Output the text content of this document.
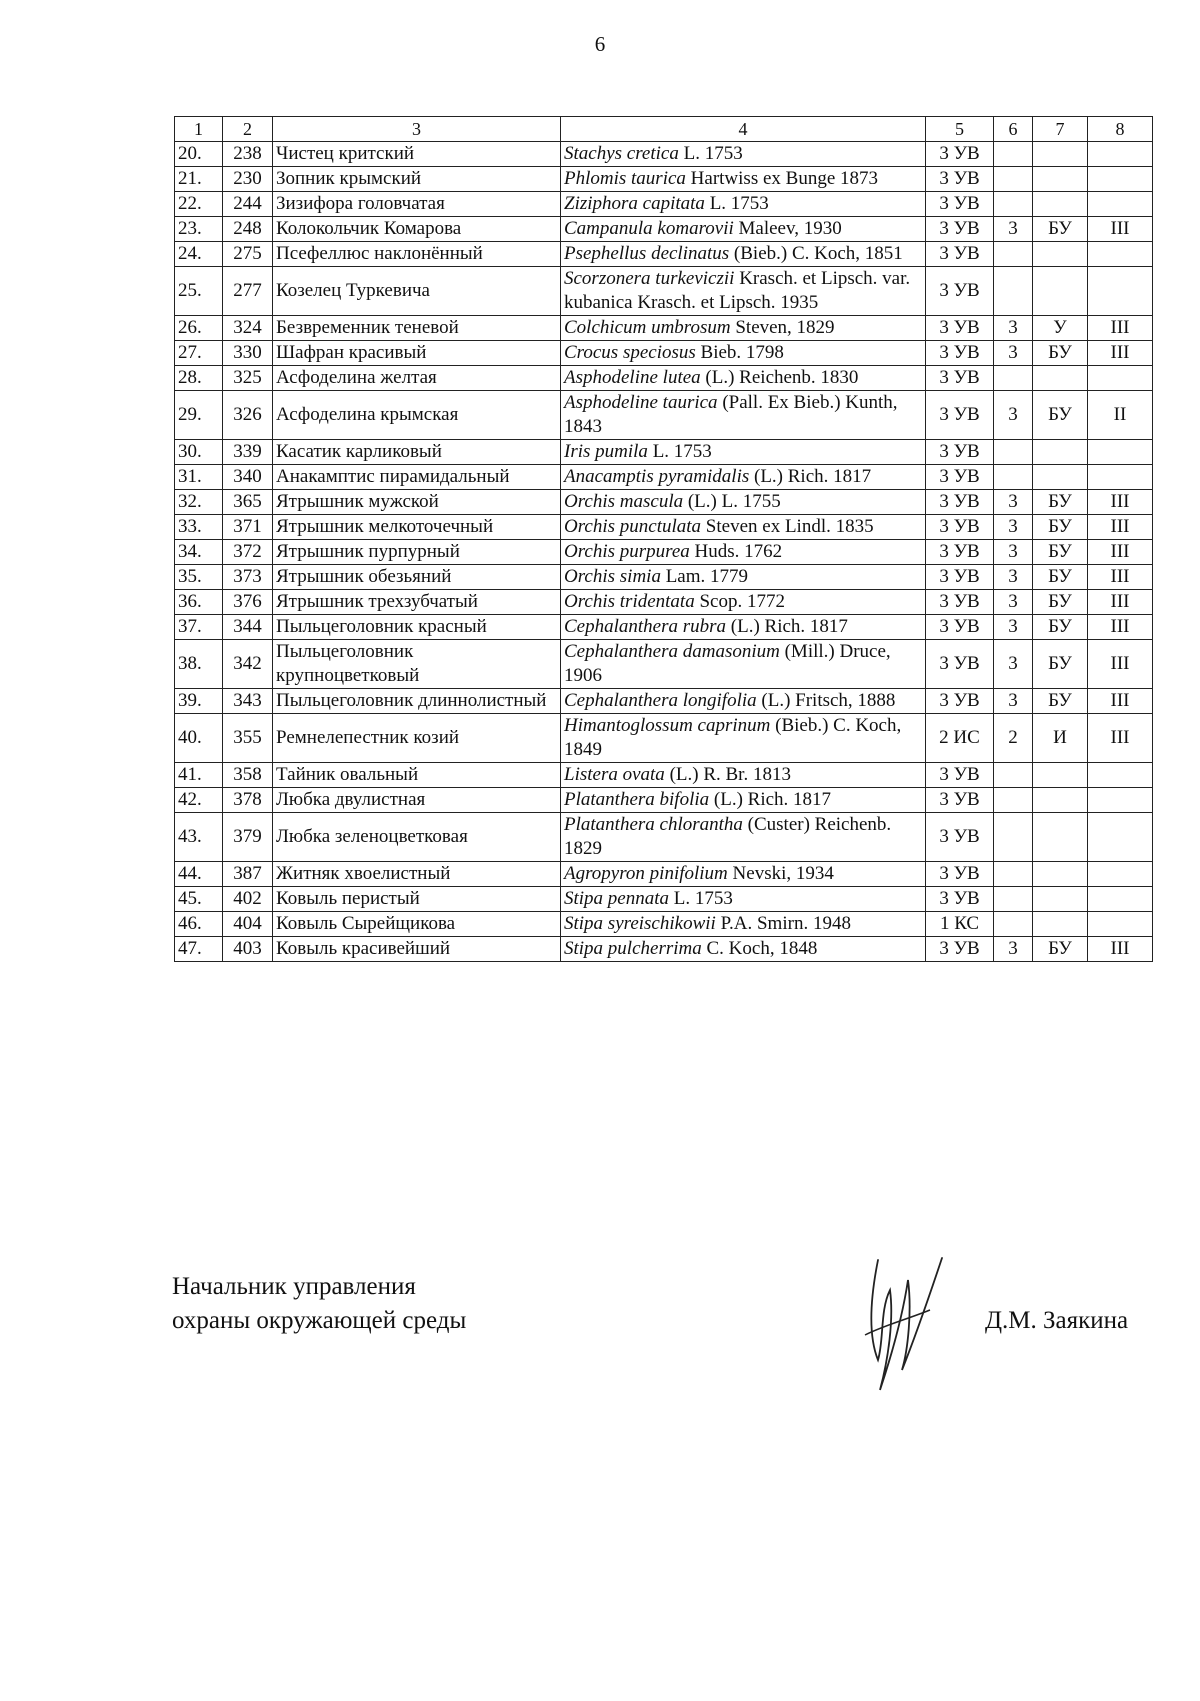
6
1	2	3	4	5	6	7	8
20.	238	Чистец критский	Stachys cretica L. 1753	3 УВ			
21.	230	Зопник крымский	Phlomis taurica Hartwiss ex Bunge 1873	3 УВ			
22.	244	Зизифора головчатая	Ziziphora capitata L. 1753	3 УВ			
23.	248	Колокольчик Комарова	Campanula komarovii Maleev, 1930	3 УВ	3	БУ	III
24.	275	Псефеллюс наклонённый	Psephellus declinatus (Bieb.) C. Koch, 1851	3 УВ			
25.	277	Козелец Туркевича	Scorzonera turkeviczii Krasch. et Lipsch. var. kubanica Krasch. et Lipsch. 1935	3 УВ			
26.	324	Безвременник теневой	Colchicum umbrosum Steven, 1829	3 УВ	3	У	III
27.	330	Шафран красивый	Crocus speciosus Bieb. 1798	3 УВ	3	БУ	III
28.	325	Асфоделина желтая	Asphodeline lutea (L.) Reichenb. 1830	3 УВ			
29.	326	Асфоделина крымская	Asphodeline taurica (Pall. Ex Bieb.) Kunth, 1843	3 УВ	3	БУ	II
30.	339	Касатик карликовый	Iris pumila L. 1753	3 УВ			
31.	340	Анакамптис пирамидальный	Anacamptis pyramidalis (L.) Rich. 1817	3 УВ			
32.	365	Ятрышник мужской	Orchis mascula (L.) L. 1755	3 УВ	3	БУ	III
33.	371	Ятрышник мелкоточечный	Orchis punctulata Steven ex Lindl. 1835	3 УВ	3	БУ	III
34.	372	Ятрышник пурпурный	Orchis purpurea Huds. 1762	3 УВ	3	БУ	III
35.	373	Ятрышник обезьяний	Orchis simia Lam. 1779	3 УВ	3	БУ	III
36.	376	Ятрышник трехзубчатый	Orchis tridentata Scop. 1772	3 УВ	3	БУ	III
37.	344	Пыльцеголовник красный	Cephalanthera rubra (L.) Rich. 1817	3 УВ	3	БУ	III
38.	342	Пыльцеголовник крупноцветковый	Cephalanthera damasonium (Mill.) Druce, 1906	3 УВ	3	БУ	III
39.	343	Пыльцеголовник длиннолистный	Cephalanthera longifolia (L.) Fritsch, 1888	3 УВ	3	БУ	III
40.	355	Ремнелепестник козий	Himantoglossum caprinum (Bieb.) C. Koch, 1849	2 ИС	2	И	III
41.	358	Тайник овальный	Listera ovata (L.) R. Br. 1813	3 УВ			
42.	378	Любка двулистная	Platanthera bifolia (L.) Rich. 1817	3 УВ			
43.	379	Любка зеленоцветковая	Platanthera chlorantha (Custer) Reichenb. 1829	3 УВ			
44.	387	Житняк хвоелистный	Agropyron pinifolium Nevski, 1934	3 УВ			
45.	402	Ковыль перистый	Stipa pennata L. 1753	3 УВ			
46.	404	Ковыль Сырейщикова	Stipa syreischikowii P.A. Smirn. 1948	1 КС			
47.	403	Ковыль красивейший	Stipa pulcherrima C. Koch, 1848	3 УВ	3	БУ	III
Начальник управления
охраны окружающей среды	Д.М. Заякина
